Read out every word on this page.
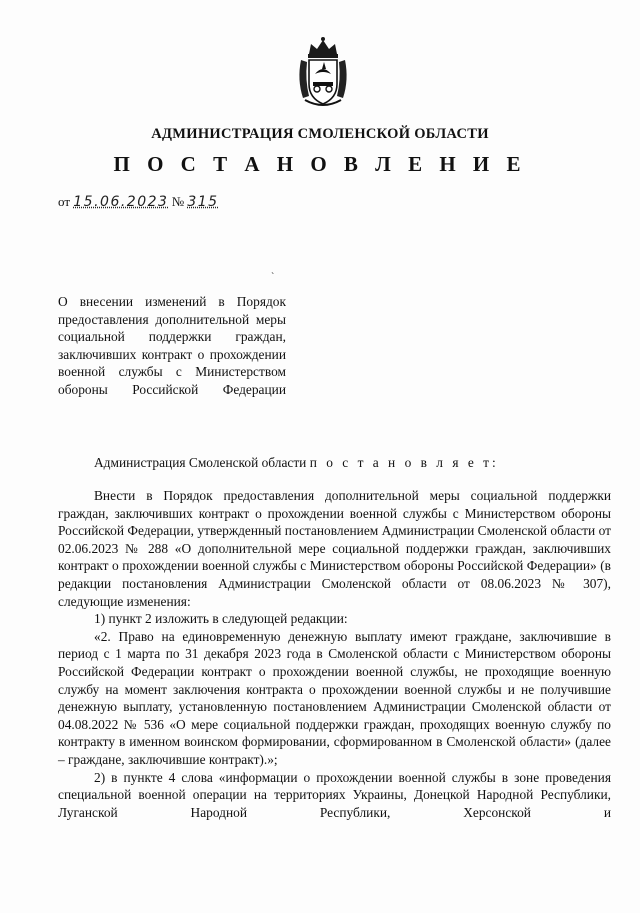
АДМИНИСТРАЦИЯ СМОЛЕНСКОЙ ОБЛАСТИ
П О С Т А Н О В Л Е Н И Е
от 15.06.2023 № 315
`
О внесении изменений в Порядок предоставления дополнительной меры социальной поддержки граждан, заключивших контракт о прохождении военной службы с Министерством обороны Российской Федерации
Администрация Смоленской области п о с т а н о в л я е т:

Внести в Порядок предоставления дополнительной меры социальной поддержки граждан, заключивших контракт о прохождении военной службы с Министерством обороны Российской Федерации, утвержденный постановлением Администрации Смоленской области от 02.06.2023 № 288 «О дополнительной мере социальной поддержки граждан, заключивших контракт о прохождении военной службы с Министерством обороны Российской Федерации» (в редакции постановления Администрации Смоленской области от 08.06.2023 № 307), следующие изменения:

1) пункт 2 изложить в следующей редакции:

«2. Право на единовременную денежную выплату имеют граждане, заключившие в период с 1 марта по 31 декабря 2023 года в Смоленской области с Министерством обороны Российской Федерации контракт о прохождении военной службы, не проходящие военную службу на момент заключения контракта о прохождении военной службы и не получившие денежную выплату, установленную постановлением Администрации Смоленской области от 04.08.2022 № 536 «О мере социальной поддержки граждан, проходящих военную службу по контракту в именном воинском формировании, сформированном в Смоленской области» (далее – граждане, заключившие контракт).»;

2) в пункте 4 слова «информации о прохождении военной службы в зоне проведения специальной военной операции на территориях Украины, Донецкой Народной Республики, Луганской Народной Республики, Херсонской и
